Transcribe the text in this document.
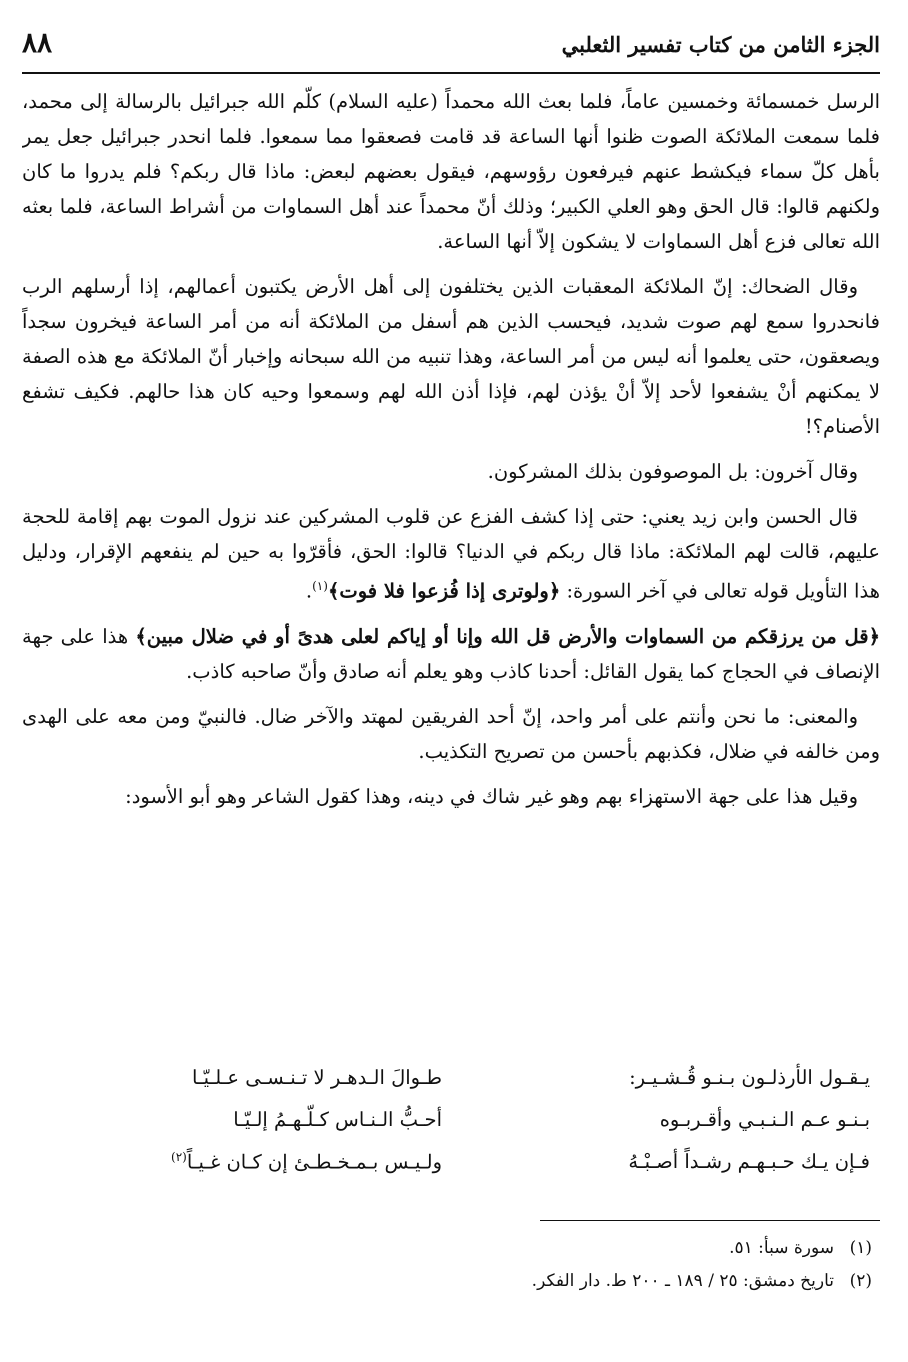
٨٨	الجزء الثامن من كتاب تفسير الثعلبي

الرسل خمسمائة وخمسين عاماً، فلما بعث الله محمداً (عليه السلام) كلّم الله جبرائيل بالرسالة إلى محمد، فلما سمعت الملائكة الصوت ظنوا أنها الساعة قد قامت فصعقوا مما سمعوا. فلما انحدر جبرائيل جعل يمر بأهل كلّ سماء فيكشط عنهم فيرفعون رؤوسهم، فيقول بعضهم لبعض: ماذا قال ربكم؟ فلم يدروا ما كان ولكنهم قالوا: قال الحق وهو العلي الكبير؛ وذلك أنّ محمداً عند أهل السماوات من أشراط الساعة، فلما بعثه الله تعالى فزع أهل السماوات لا يشكون إلاّ أنها الساعة.

وقال الضحاك: إنّ الملائكة المعقبات الذين يختلفون إلى أهل الأرض يكتبون أعمالهم، إذا أرسلهم الرب فانحدروا سمع لهم صوت شديد، فيحسب الذين هم أسفل من الملائكة أنه من أمر الساعة فيخرون سجداً ويصعقون، حتى يعلموا أنه ليس من أمر الساعة، وهذا تنبيه من الله سبحانه وإخبار أنّ الملائكة مع هذه الصفة لا يمكنهم أنْ يشفعوا لأحد إلاّ أنْ يؤذن لهم، فإذا أذن الله لهم وسمعوا وحيه كان هذا حالهم. فكيف تشفع الأصنام؟!

وقال آخرون: بل الموصوفون بذلك المشركون.

قال الحسن وابن زيد يعني: حتى إذا كشف الفزع عن قلوب المشركين عند نزول الموت بهم إقامة للحجة عليهم، قالت لهم الملائكة: ماذا قال ربكم في الدنيا؟ قالوا: الحق، فأقرّوا به حين لم ينفعهم الإقرار، ودليل هذا التأويل قوله تعالى في آخر السورة: ﴿ولوترى إذا فُزعوا فلا فوت﴾$^{(١)}$.

﴿قل من يرزقكم من السماوات والأرض قل الله وإنا أو إياكم لعلى هدىً أو في ضلال مبين﴾ هذا على جهة الإنصاف في الحجاج كما يقول القائل: أحدنا كاذب وهو يعلم أنه صادق وأنّ صاحبه كاذب.

والمعنى: ما نحن وأنتم على أمر واحد، إنّ أحد الفريقين لمهتد والآخر ضال. فالنبيّ ومن معه على الهدى ومن خالفه في ضلال، فكذبهم بأحسن من تصريح التكذيب.

وقيل هذا على جهة الاستهزاء بهم وهو غير شاك في دينه، وهذا كقول الشاعر وهو أبو الأسود:

يـقـول الأرذلـون بـنـو قُـشـيـر:
طـوالَ الـدهـر لا تـنـسـى عـلـيّـا
بـنـو عـم الـنـبـي وأقـربـوه
أحـبُّ الـنـاس كـلّـهـمُ إلـيّـا
فـإن يـك حـبـهـم رشـداً أصـبْـهُ
ولـيـس بـمـخـطـئ إن كـان غـيـاً$^{(٢)}$
(١)
سورة سبأ: ٥١.
(٢)
تاريخ دمشق: ٢٥ / ١٨٩ ـ ٢٠٠ ط. دار الفكر.
